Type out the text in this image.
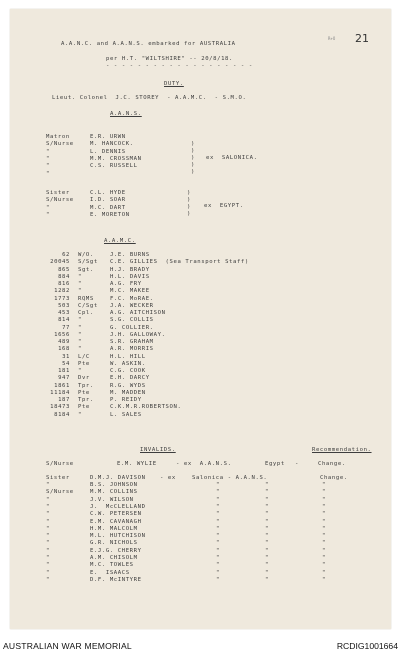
R+O 21
A.A.N.C. and A.A.N.S. embarked for AUSTRALIA
per H.T. "WILTSHIRE" -- 20/8/18.
- - - - - - - - - - - - - - - - - - -
DUTY.
Lieut. Colonel  J.C. STOREY  - A.A.M.C.  - S.M.O.
A.A.N.S.
Matron	E.R. URWN
S/Nurse	M. HANCOCK.
"	L. DENNIS
"	M.M. CROSSMAN
"	C.S. RUSSELL
"
)
)
)
)
)
ex  SALONICA.
Sister	C.L. HYDE
S/Nurse	I.D. SOAR
"	M.C. DART
"	E. MORETON
)
)
)
)
ex  EGYPT.
A.A.M.C.
62 W/O.	J.E. BURNS
20045 S/Sgt C.E. GILLIES  (Sea Transport Staff)
865 Sgt.	H.J. BRADY
884 "	H.L. DAVIS
816 "	A.G. FRY
1282 "	M.C. MAKEE
1773 RQMS	F.C. MoRAE.
503 C/Sgt J.A. WECKER
453 Cpl.	A.G. AITCHISON
814 "	S.G. COLLIS
77 "	G. COLLIER.
1656 "	J.H. GALLOWAY.
489 "	S.R. GRAHAM
168 "	A.R. MORRIS
31 L/C	H.L. HILL
54 Pte	W. ASKIN.
181 "	C.G. COOK
947 Dvr	E.H. DARCY
1861 Tpr.	R.G. WYDS
11184 Pte	M. MADDEN
187 Tpr.	P. REIDY
18473 Pte	C.K.M.R.ROBERTSON.
8184 "	L. SALES
INVALIDS.	Recommendation.
S/Nurse	E.M. WYLIE	- ex  A.A.N.S.	Egypt -	Change.
Sister	D.M.J. DAVISON	- ex	Salonica - A.A.N.S.	Change.
"	B.S. JOHNSON	"	"	"
S/Nurse	M.M. COLLINS	"	"	"
"	J.V. WILSON	"	"	"
"	J.  McCLELLAND	"	"	"
"	C.W. PETERSEN	"	"	"
"	E.M. CAVANAGH	"	"	"
"	H.M. MALCOLM	"	"	"
"	M.L. HUTCHISON	"	"	"
"	G.R. NICHOLS	"	"	"
"	E.J.G. CHERRY	"	"	"
"	A.M. CHISOLM	"	"	"
"	M.C. TOWLES	"	"	"
"	E.  ISAACS	"	"	"
"	D.F. McINTYRE	"	"	"
AUSTRALIAN WAR MEMORIAL	RCDIG1001664
